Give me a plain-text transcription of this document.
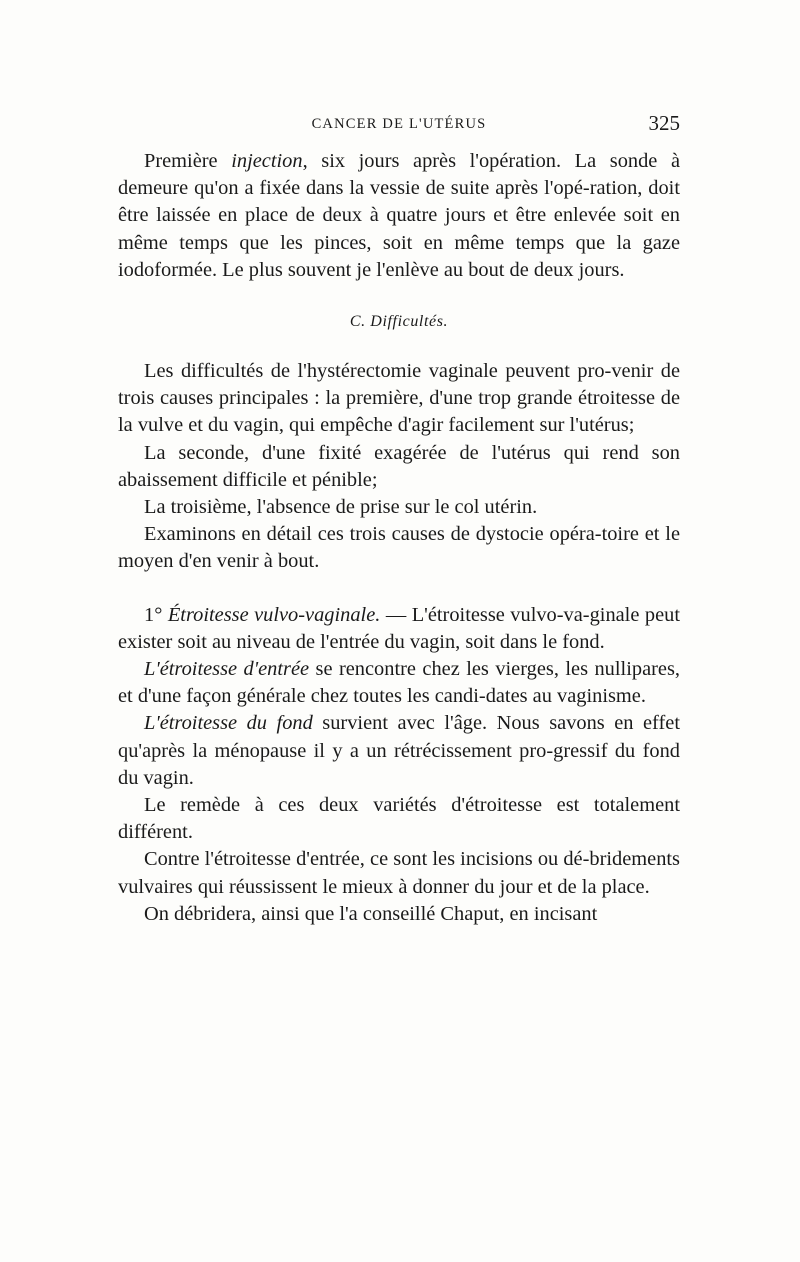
CANCER DE L'UTÉRUS	325

Première injection, six jours après l'opération. La sonde à demeure qu'on a fixée dans la vessie de suite après l'opé-ration, doit être laissée en place de deux à quatre jours et être enlevée soit en même temps que les pinces, soit en même temps que la gaze iodoformée. Le plus souvent je l'enlève au bout de deux jours.

C. Difficultés.

Les difficultés de l'hystérectomie vaginale peuvent pro-venir de trois causes principales : la première, d'une trop grande étroitesse de la vulve et du vagin, qui empêche d'agir facilement sur l'utérus;

La seconde, d'une fixité exagérée de l'utérus qui rend son abaissement difficile et pénible;

La troisième, l'absence de prise sur le col utérin.

Examinons en détail ces trois causes de dystocie opéra-toire et le moyen d'en venir à bout.

1° Étroitesse vulvo-vaginale. — L'étroitesse vulvo-va-ginale peut exister soit au niveau de l'entrée du vagin, soit dans le fond.

L'étroitesse d'entrée se rencontre chez les vierges, les nullipares, et d'une façon générale chez toutes les candi-dates au vaginisme.

L'étroitesse du fond survient avec l'âge. Nous savons en effet qu'après la ménopause il y a un rétrécissement pro-gressif du fond du vagin.

Le remède à ces deux variétés d'étroitesse est totalement différent.

Contre l'étroitesse d'entrée, ce sont les incisions ou dé-bridements vulvaires qui réussissent le mieux à donner du jour et de la place.

On débridera, ainsi que l'a conseillé Chaput, en incisant
